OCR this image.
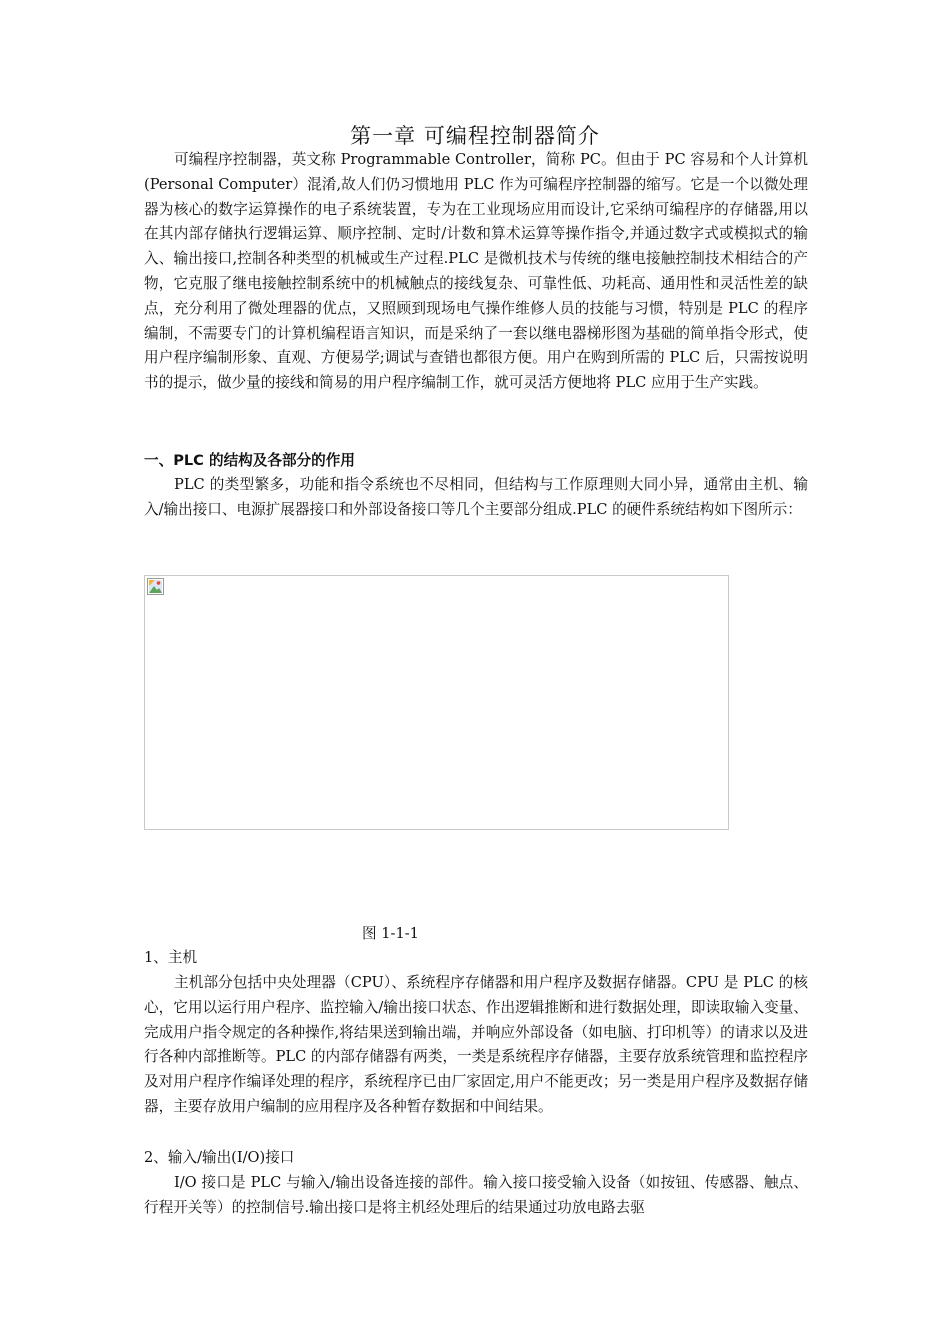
第一章 可编程控制器简介

可编程序控制器，英文称 Programmable Controller，简称 PC。但由于 PC 容易和个人计算机(Personal Computer）混淆,故人们仍习惯地用 PLC 作为可编程序控制器的缩写。它是一个以微处理器为核心的数字运算操作的电子系统装置，专为在工业现场应用而设计,它采纳可编程序的存储器,用以在其内部存储执行逻辑运算、顺序控制、定时/计数和算术运算等操作指令,并通过数字式或模拟式的输入、输出接口,控制各种类型的机械或生产过程.PLC 是微机技术与传统的继电接触控制技术相结合的产物，它克服了继电接触控制系统中的机械触点的接线复杂、可靠性低、功耗高、通用性和灵活性差的缺点，充分利用了微处理器的优点，又照顾到现场电气操作维修人员的技能与习惯，特别是 PLC 的程序编制，不需要专门的计算机编程语言知识，而是采纳了一套以继电器梯形图为基础的简单指令形式，使用户程序编制形象、直观、方便易学;调试与查错也都很方便。用户在购到所需的 PLC 后，只需按说明书的提示，做少量的接线和简易的用户程序编制工作，就可灵活方便地将 PLC 应用于生产实践。

一、PLC 的结构及各部分的作用

PLC 的类型繁多，功能和指令系统也不尽相同，但结构与工作原理则大同小异，通常由主机、输入/输出接口、电源扩展器接口和外部设备接口等几个主要部分组成.PLC 的硬件系统结构如下图所示：

图 1-1-1
1、主机

主机部分包括中央处理器（CPU）、系统程序存储器和用户程序及数据存储器。CPU 是 PLC 的核心，它用以运行用户程序、监控输入/输出接口状态、作出逻辑推断和进行数据处理，即读取输入变量、完成用户指令规定的各种操作,将结果送到输出端，并响应外部设备（如电脑、打印机等）的请求以及进行各种内部推断等。PLC 的内部存储器有两类，一类是系统程序存储器，主要存放系统管理和监控程序及对用户程序作编译处理的程序，系统程序已由厂家固定,用户不能更改；另一类是用户程序及数据存储器，主要存放用户编制的应用程序及各种暂存数据和中间结果。

2、输入/输出(I/O)接口

I/O 接口是 PLC 与输入/输出设备连接的部件。输入接口接受输入设备（如按钮、传感器、触点、行程开关等）的控制信号.输出接口是将主机经处理后的结果通过功放电路去驱
